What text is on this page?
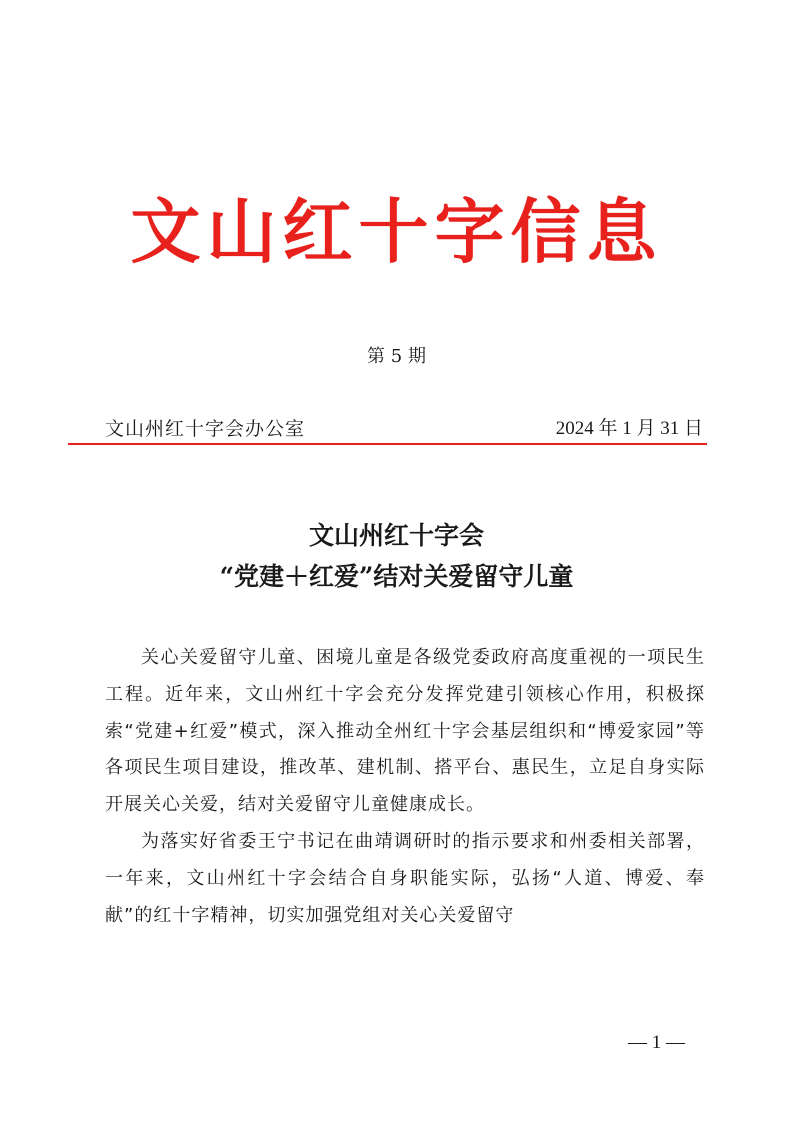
文山红十字信息
第 5 期
文山州红十字会办公室	2024 年 1 月 31 日
文山州红十字会
“党建＋红爱”结对关爱留守儿童

关心关爱留守儿童、困境儿童是各级党委政府高度重视的一项民生工程。近年来，文山州红十字会充分发挥党建引领核心作用，积极探索“党建+红爱”模式，深入推动全州红十字会基层组织和“博爱家园”等各项民生项目建设，推改革、建机制、搭平台、惠民生，立足自身实际开展关心关爱，结对关爱留守儿童健康成长。

为落实好省委王宁书记在曲靖调研时的指示要求和州委相关部署，一年来，文山州红十字会结合自身职能实际，弘扬“人道、博爱、奉献”的红十字精神，切实加强党组对关心关爱留守

— 1 —
